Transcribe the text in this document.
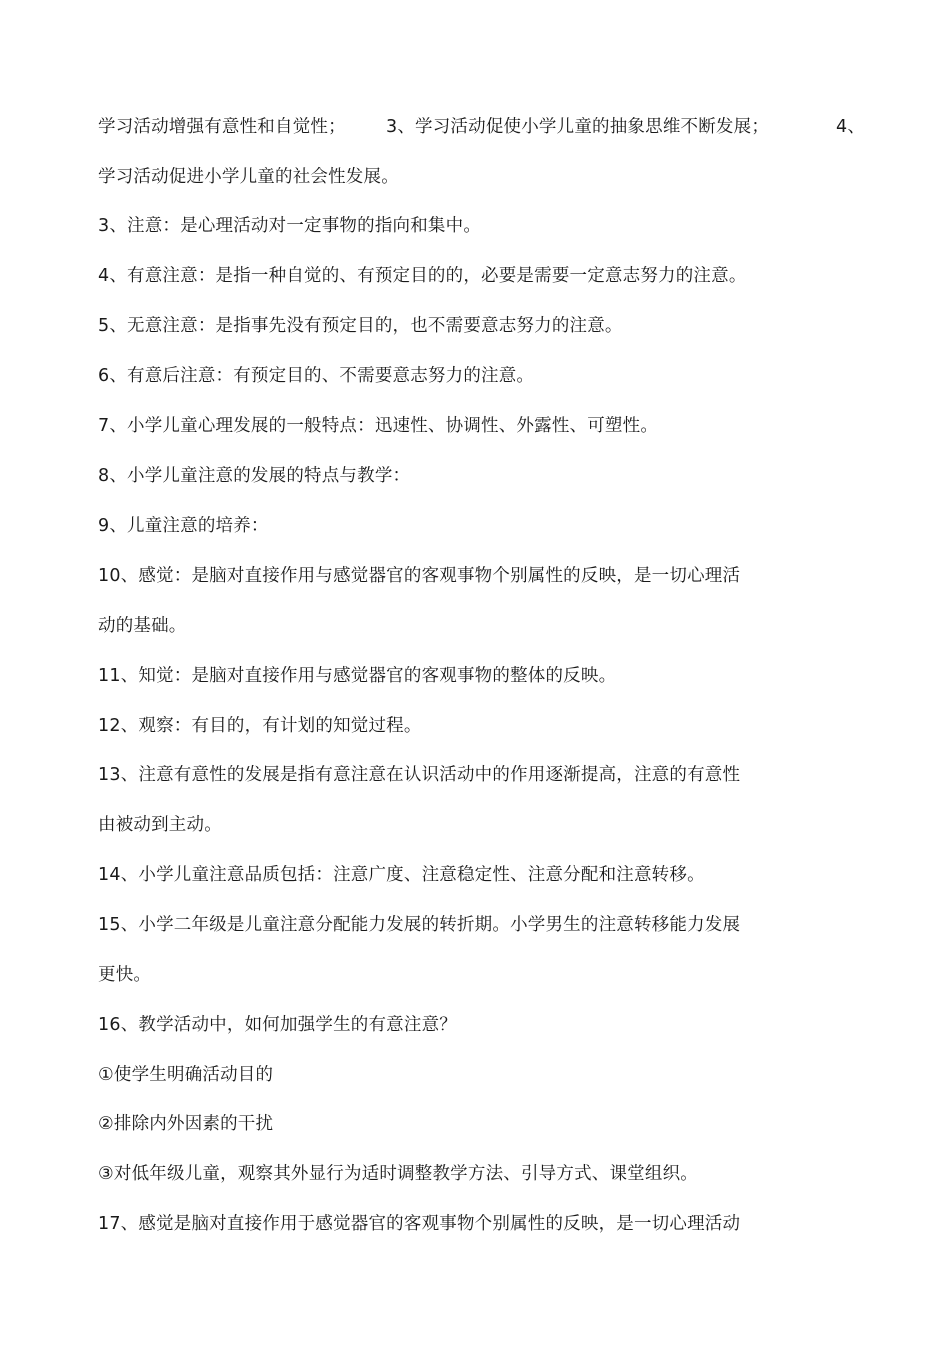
学习活动增强有意性和自觉性； 3、学习活动促使小学儿童的抽象思维不断发展；	4、
学习活动促进小学儿童的社会性发展。
3、注意：是心理活动对一定事物的指向和集中。
4、有意注意：是指一种自觉的、有预定目的的，必要是需要一定意志努力的注意。
5、无意注意：是指事先没有预定目的，也不需要意志努力的注意。
6、有意后注意：有预定目的、不需要意志努力的注意。
7、小学儿童心理发展的一般特点：迅速性、协调性、外露性、可塑性。
8、小学儿童注意的发展的特点与教学：
9、儿童注意的培养：
10、感觉：是脑对直接作用与感觉器官的客观事物个别属性的反映，是一切心理活
动的基础。
11、知觉：是脑对直接作用与感觉器官的客观事物的整体的反映。
12、观察：有目的，有计划的知觉过程。
13、注意有意性的发展是指有意注意在认识活动中的作用逐渐提高，注意的有意性
由被动到主动。
14、小学儿童注意品质包括：注意广度、注意稳定性、注意分配和注意转移。
15、小学二年级是儿童注意分配能力发展的转折期。小学男生的注意转移能力发展
更快。
16、教学活动中，如何加强学生的有意注意？
①使学生明确活动目的
②排除内外因素的干扰
③对低年级儿童，观察其外显行为适时调整教学方法、引导方式、课堂组织。
17、感觉是脑对直接作用于感觉器官的客观事物个别属性的反映，是一切心理活动
